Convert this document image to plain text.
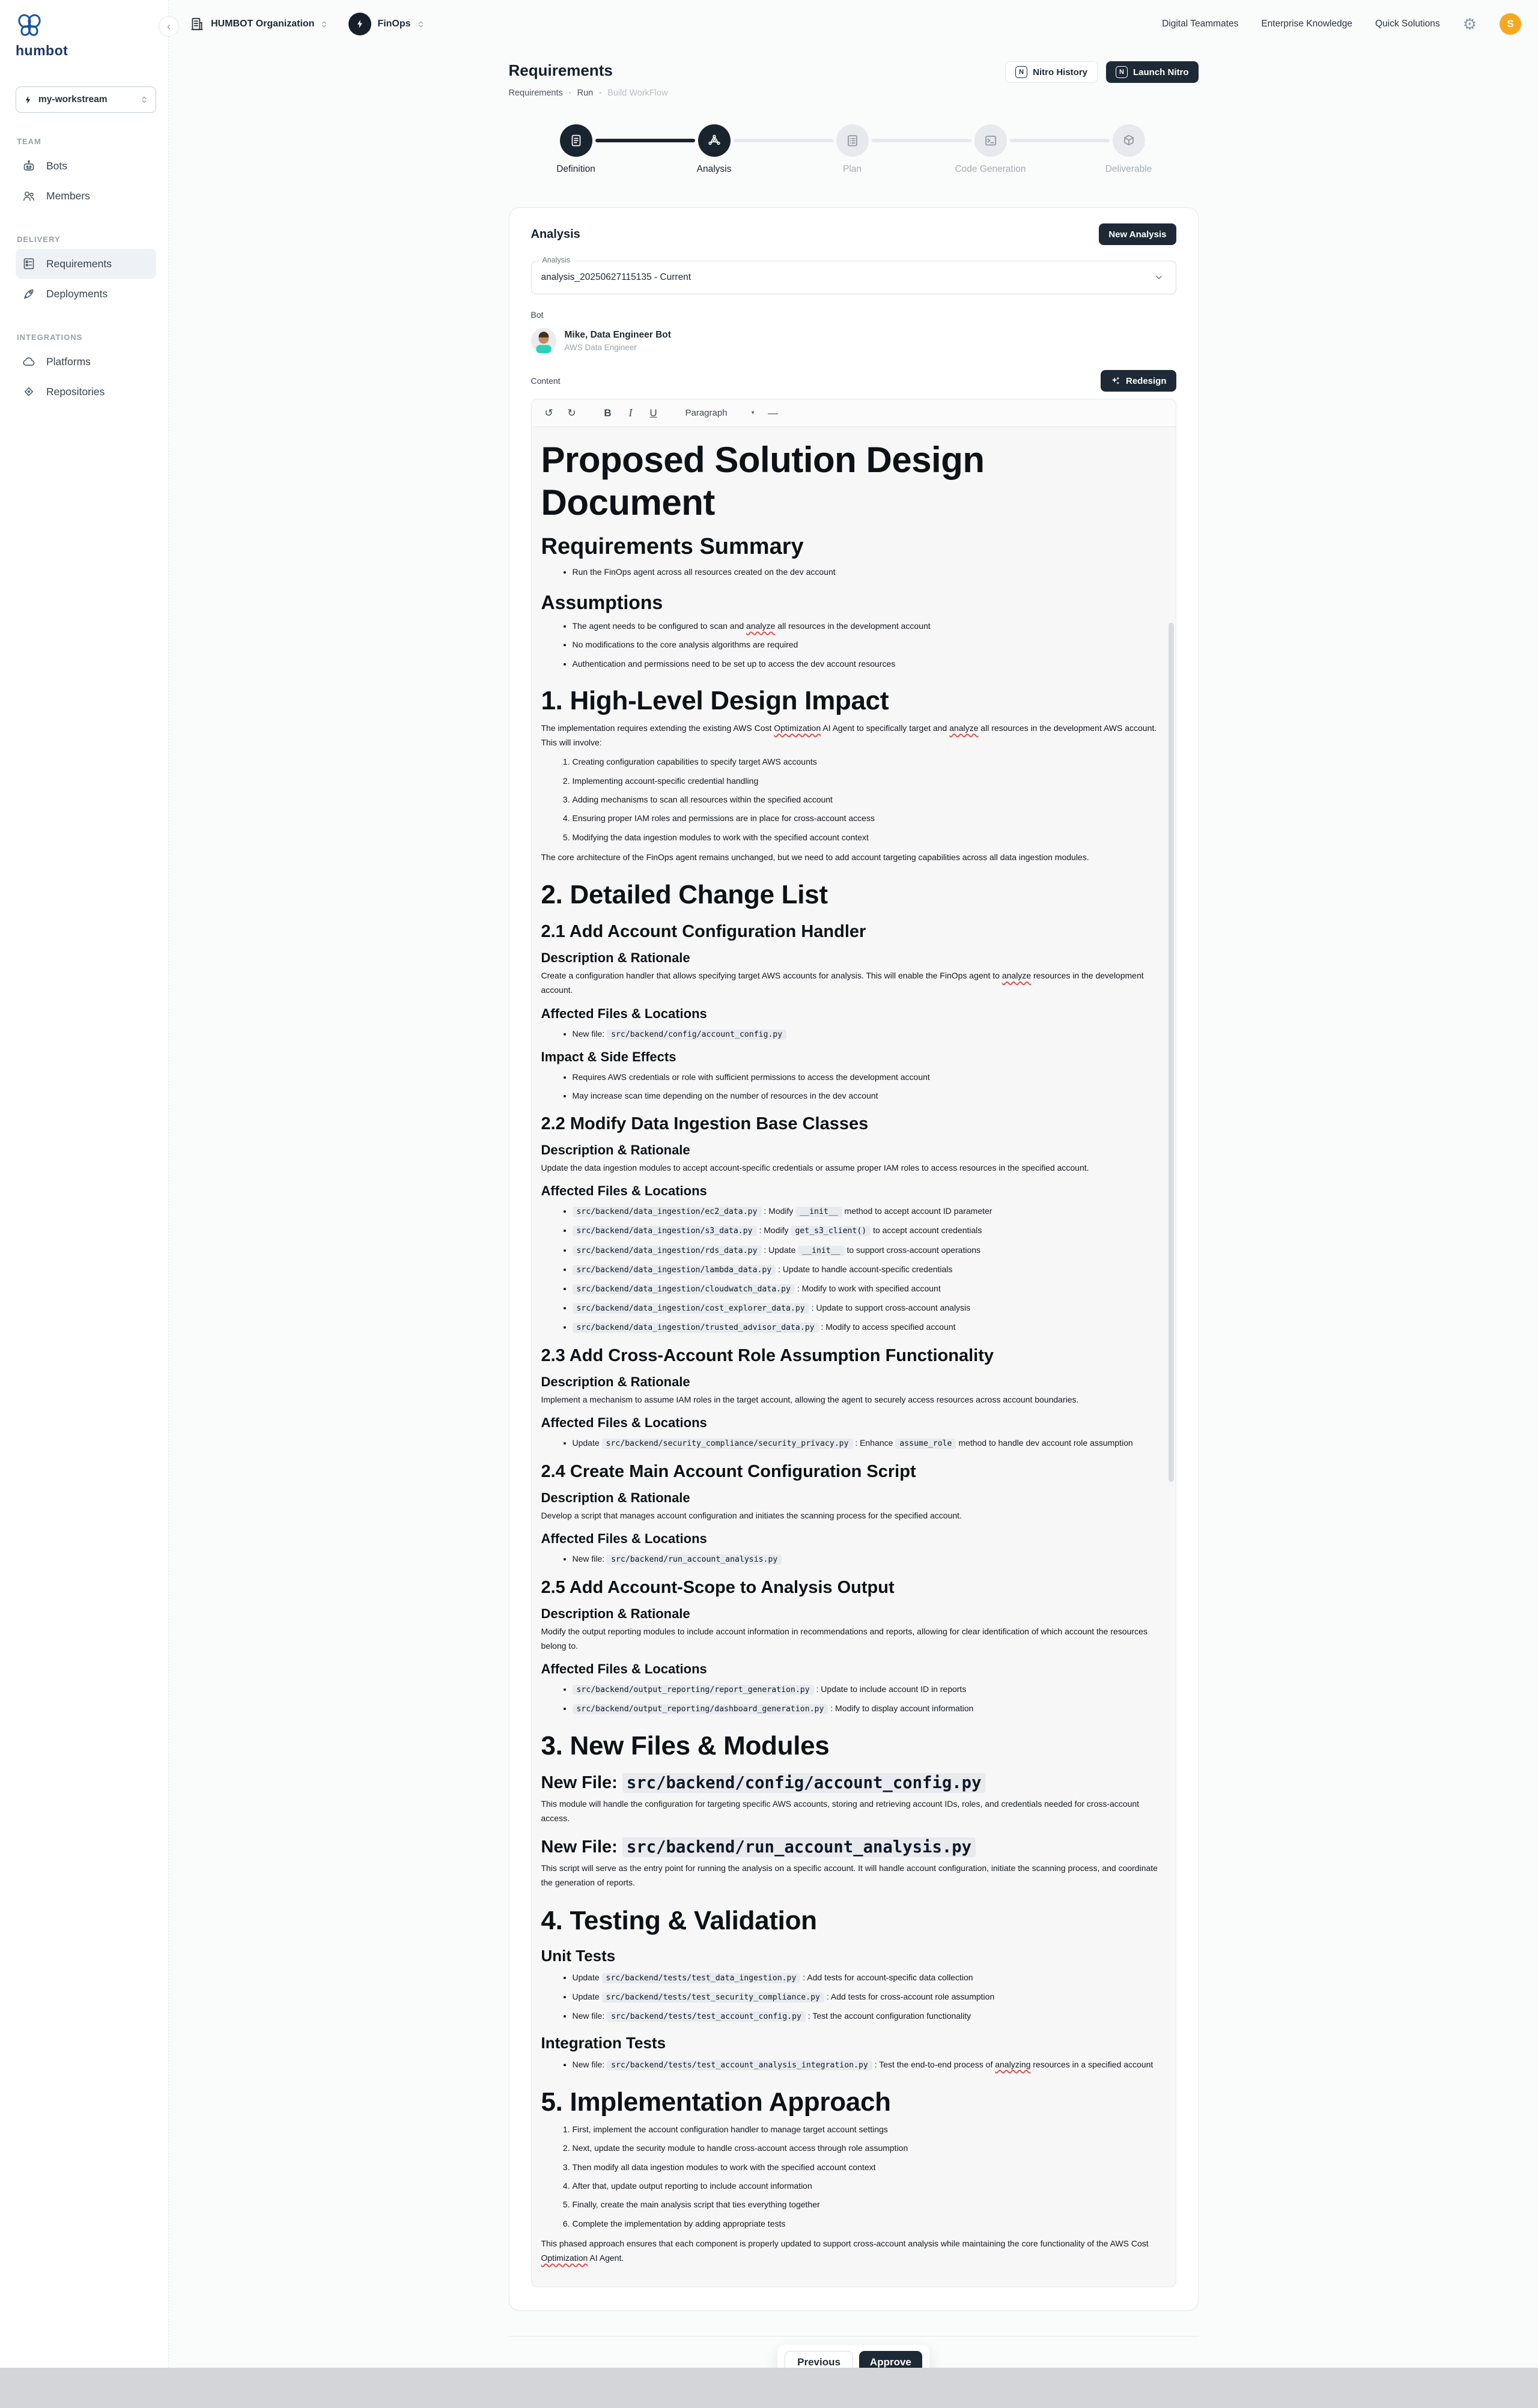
humbot
my-workstream
TEAM
Bots
Members
DELIVERY
Requirements
Deployments
INTEGRATIONS
Platforms
Repositories
‹	HUMBOT Organization	FinOps	Digital Teammates Enterprise Knowledge Quick Solutions ⚙	S
Requirements
Requirements • Run • Build WorkFlow
N	Nitro History	N	Launch Nitro
Definition	Analysis	Plan	Code Generation	Deliverable
Analysis	New Analysis
Analysis
analysis_20250627115135 - Current
Bot
Mike, Data Engineer Bot
AWS Data Engineer
Content	Redesign
↺	↻	B	I	U	Paragraph	▾	—
Proposed Solution Design Document
Requirements Summary
• Run the FinOps agent across all resources created on the dev account
Assumptions
• The agent needs to be configured to scan and analyze all resources in the development account
• No modifications to the core analysis algorithms are required
• Authentication and permissions need to be set up to access the dev account resources
1. High-Level Design Impact

The implementation requires extending the existing AWS Cost Optimization AI Agent to specifically target and analyze all resources in the development AWS account. This will involve:

1. Creating configuration capabilities to specify target AWS accounts
2. Implementing account-specific credential handling
3. Adding mechanisms to scan all resources within the specified account
4. Ensuring proper IAM roles and permissions are in place for cross-account access
5. Modifying the data ingestion modules to work with the specified account context

The core architecture of the FinOps agent remains unchanged, but we need to add account targeting capabilities across all data ingestion modules.

2. Detailed Change List
2.1 Add Account Configuration Handler
Description & Rationale

Create a configuration handler that allows specifying target AWS accounts for analysis. This will enable the FinOps agent to analyze resources in the development account.

Affected Files & Locations
• New file: src/backend/config/account_config.py
Impact & Side Effects
• Requires AWS credentials or role with sufficient permissions to access the development account
• May increase scan time depending on the number of resources in the dev account
2.2 Modify Data Ingestion Base Classes
Description & Rationale

Update the data ingestion modules to accept account-specific credentials or assume proper IAM roles to access resources in the specified account.

Affected Files & Locations
• src/backend/data_ingestion/ec2_data.py : Modify __init__ method to accept account ID parameter
• src/backend/data_ingestion/s3_data.py : Modify get_s3_client() to accept account credentials
• src/backend/data_ingestion/rds_data.py : Update __init__ to support cross-account operations
• src/backend/data_ingestion/lambda_data.py : Update to handle account-specific credentials
• src/backend/data_ingestion/cloudwatch_data.py : Modify to work with specified account
• src/backend/data_ingestion/cost_explorer_data.py : Update to support cross-account analysis
• src/backend/data_ingestion/trusted_advisor_data.py : Modify to access specified account
2.3 Add Cross-Account Role Assumption Functionality
Description & Rationale

Implement a mechanism to assume IAM roles in the target account, allowing the agent to securely access resources across account boundaries.

Affected Files & Locations
• Update src/backend/security_compliance/security_privacy.py : Enhance assume_role method to handle dev account role assumption
2.4 Create Main Account Configuration Script
Description & Rationale

Develop a script that manages account configuration and initiates the scanning process for the specified account.

Affected Files & Locations
• New file: src/backend/run_account_analysis.py
2.5 Add Account-Scope to Analysis Output
Description & Rationale

Modify the output reporting modules to include account information in recommendations and reports, allowing for clear identification of which account the resources belong to.

Affected Files & Locations
• src/backend/output_reporting/report_generation.py : Update to include account ID in reports
• src/backend/output_reporting/dashboard_generation.py : Modify to display account information
3. New Files & Modules
New File: src/backend/config/account_config.py

This module will handle the configuration for targeting specific AWS accounts, storing and retrieving account IDs, roles, and credentials needed for cross-account access.

New File: src/backend/run_account_analysis.py

This script will serve as the entry point for running the analysis on a specific account. It will handle account configuration, initiate the scanning process, and coordinate the generation of reports.

4. Testing & Validation
Unit Tests
• Update src/backend/tests/test_data_ingestion.py : Add tests for account-specific data collection
• Update src/backend/tests/test_security_compliance.py : Add tests for cross-account role assumption
• New file: src/backend/tests/test_account_config.py : Test the account configuration functionality
Integration Tests
• New file: src/backend/tests/test_account_analysis_integration.py : Test the end-to-end process of analyzing resources in a specified account
5. Implementation Approach
1. First, implement the account configuration handler to manage target account settings
2. Next, update the security module to handle cross-account access through role assumption
3. Then modify all data ingestion modules to work with the specified account context
4. After that, update output reporting to include account information
5. Finally, create the main analysis script that ties everything together
6. Complete the implementation by adding appropriate tests

This phased approach ensures that each component is properly updated to support cross-account analysis while maintaining the core functionality of the AWS Cost Optimization AI Agent.

Previous	Approve
